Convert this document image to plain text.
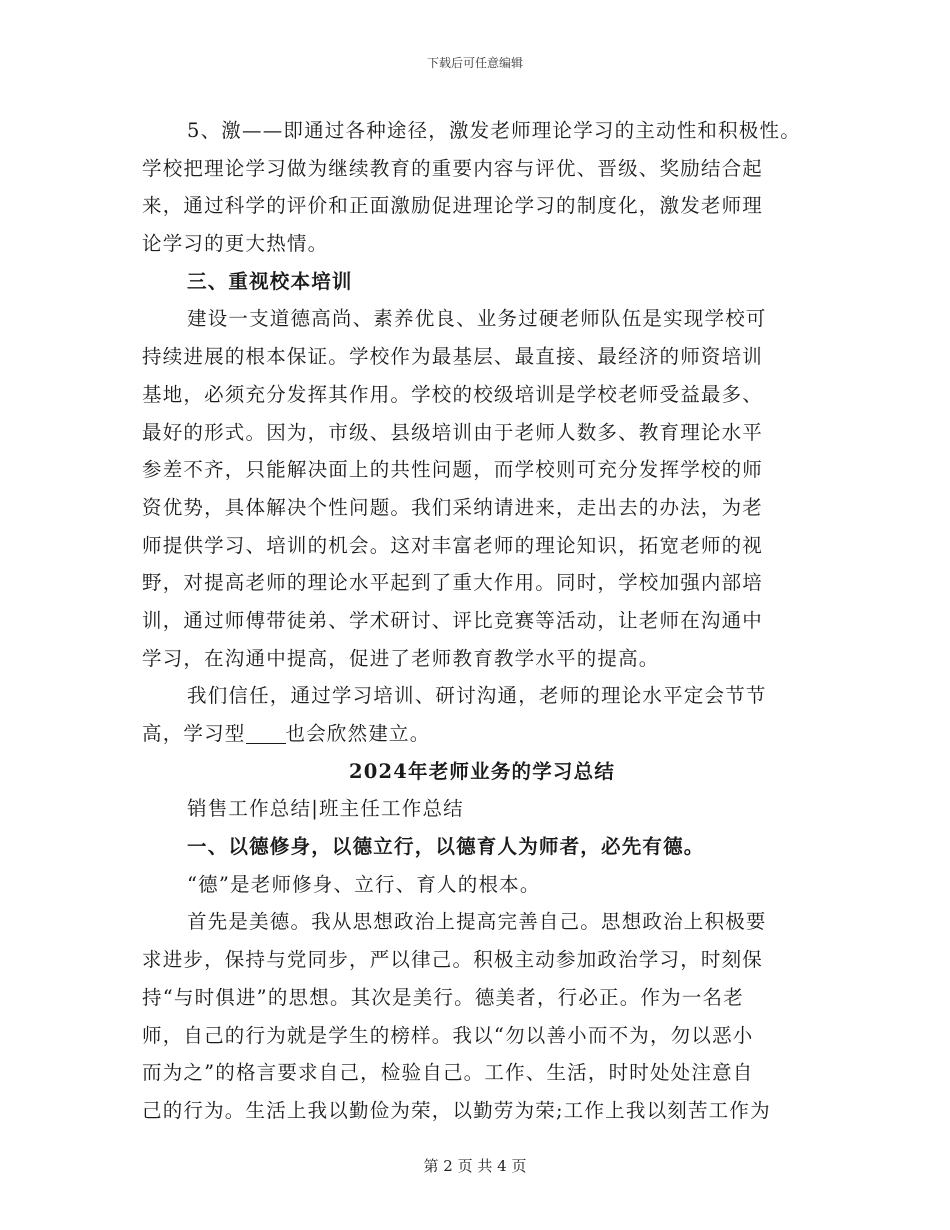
下载后可任意编辑
5、激——即通过各种途径，激发老师理论学习的主动性和积极性。
学校把理论学习做为继续教育的重要内容与评优、晋级、奖励结合起
来，通过科学的评价和正面激励促进理论学习的制度化，激发老师理
论学习的更大热情。
三、重视校本培训
建设一支道德高尚、素养优良、业务过硬老师队伍是实现学校可
持续进展的根本保证。学校作为最基层、最直接、最经济的师资培训
基地，必须充分发挥其作用。学校的校级培训是学校老师受益最多、
最好的形式。因为，市级、县级培训由于老师人数多、教育理论水平
参差不齐，只能解决面上的共性问题，而学校则可充分发挥学校的师
资优势，具体解决个性问题。我们采纳请进来，走出去的办法，为老
师提供学习、培训的机会。这对丰富老师的理论知识，拓宽老师的视
野，对提高老师的理论水平起到了重大作用。同时，学校加强内部培
训，通过师傅带徒弟、学术研讨、评比竞赛等活动，让老师在沟通中
学习，在沟通中提高，促进了老师教育教学水平的提高。
我们信任，通过学习培训、研讨沟通，老师的理论水平定会节节
高，学习型 也会欣然建立。
2024年老师业务的学习总结
销售工作总结|班主任工作总结
一、以德修身，以德立行，以德育人为师者，必先有德。
“德”是老师修身、立行、育人的根本。
首先是美德。我从思想政治上提高完善自己。思想政治上积极要
求进步，保持与党同步，严以律己。积极主动参加政治学习，时刻保
持“与时俱进”的思想。其次是美行。德美者，行必正。作为一名老
师，自己的行为就是学生的榜样。我以“勿以善小而不为，勿以恶小
而为之”的格言要求自己，检验自己。工作、生活，时时处处注意自
己的行为。生活上我以勤俭为荣，以勤劳为荣;工作上我以刻苦工作为
第 2 页 共 4 页
